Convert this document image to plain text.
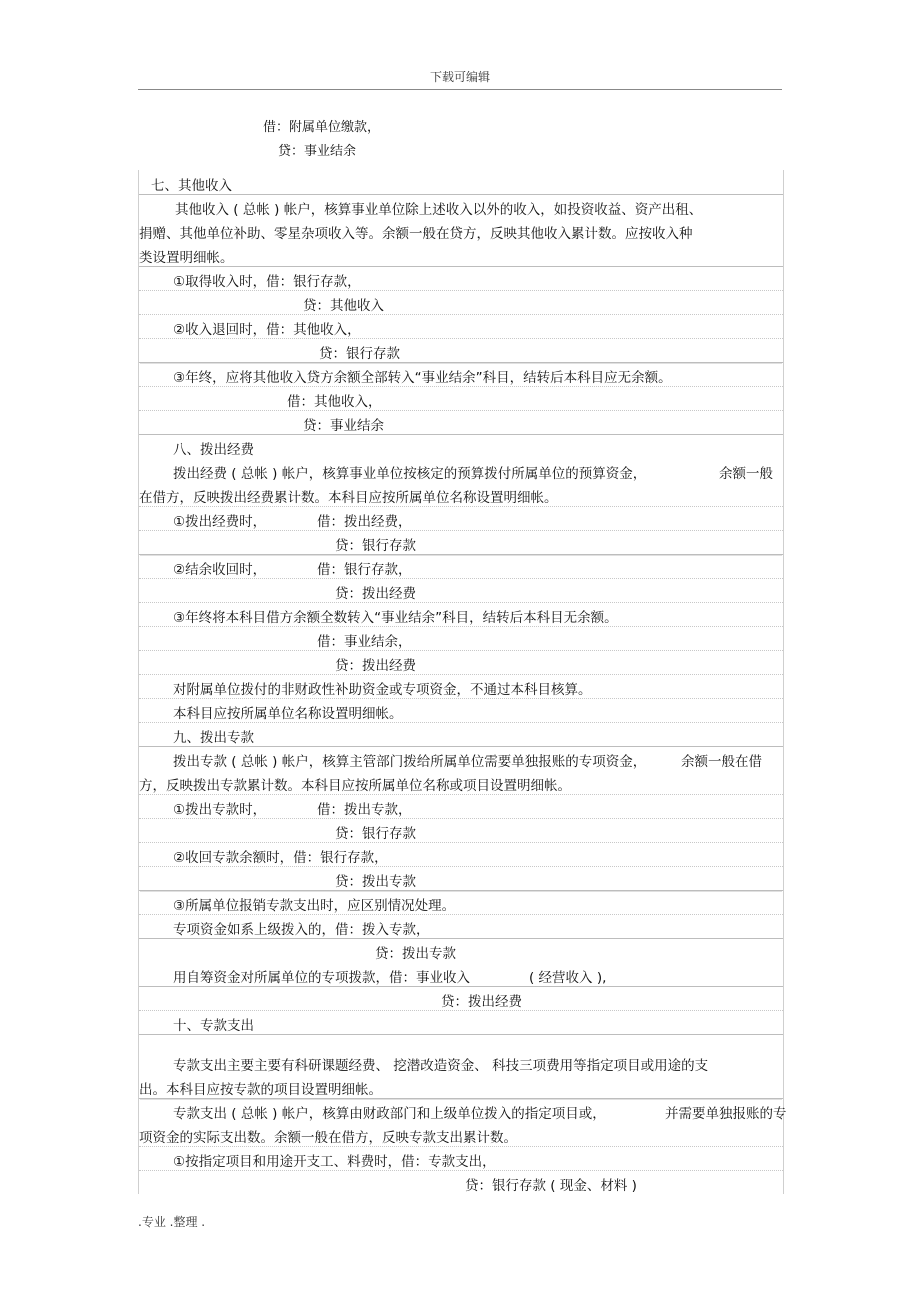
下载可编辑
借：附属单位缴款，
贷：事业结余
七、其他收入
其他收入 ( 总帐 ) 帐户，核算事业单位除上述收入以外的收入，如投资收益、资产出租、
捐赠、其他单位补助、零星杂项收入等。余额一般在贷方，反映其他收入累计数。应按收入种
类设置明细帐。
①取得收入时，借：银行存款，
贷：其他收入
②收入退回时，借：其他收入，
贷：银行存款
③年终，应将其他收入贷方余额全部转入“事业结余”科目，结转后本科目应无余额。
借：其他收入，
贷：事业结余
八、拨出经费
拨出经费 ( 总帐 ) 帐户，核算事业单位按核定的预算拨付所属单位的预算资金，	余额一般
在借方，反映拨出经费累计数。本科目应按所属单位名称设置明细帐。
①拨出经费时，	借：拨出经费，
贷：银行存款
②结余收回时，	借：银行存款，
贷：拨出经费
③年终将本科目借方余额全数转入“事业结余”科目，结转后本科目无余额。
借：事业结余，
贷：拨出经费
对附属单位拨付的非财政性补助资金或专项资金，不通过本科目核算。
本科目应按所属单位名称设置明细帐。
九、拨出专款
拨出专款 ( 总帐 ) 帐户，核算主管部门拨给所属单位需要单独报账的专项资金，	余额一般在借
方，反映拨出专款累计数。本科目应按所属单位名称或项目设置明细帐。
①拨出专款时，	借：拨出专款，
贷：银行存款
②收回专款余额时，借：银行存款，
贷：拨出专款
③所属单位报销专款支出时，应区别情况处理。
专项资金如系上级拨入的，借：拨入专款，
贷：拨出专款
用自筹资金对所属单位的专项拨款，借：事业收入	( 经营收入 ),
贷：拨出经费
十、专款支出
专款支出主要主要有科研课题经费、 挖潜改造资金、 科技三项费用等指定项目或用途的支
出。本科目应按专款的项目设置明细帐。
专款支出 ( 总帐 ) 帐户，核算由财政部门和上级单位拨入的指定项目或，	并需要单独报账的专
项资金的实际支出数。余额一般在借方，反映专款支出累计数。
①按指定项目和用途开支工、料费时，借：专款支出，
贷：银行存款 ( 现金、材料 )
.专业 .整理 .
